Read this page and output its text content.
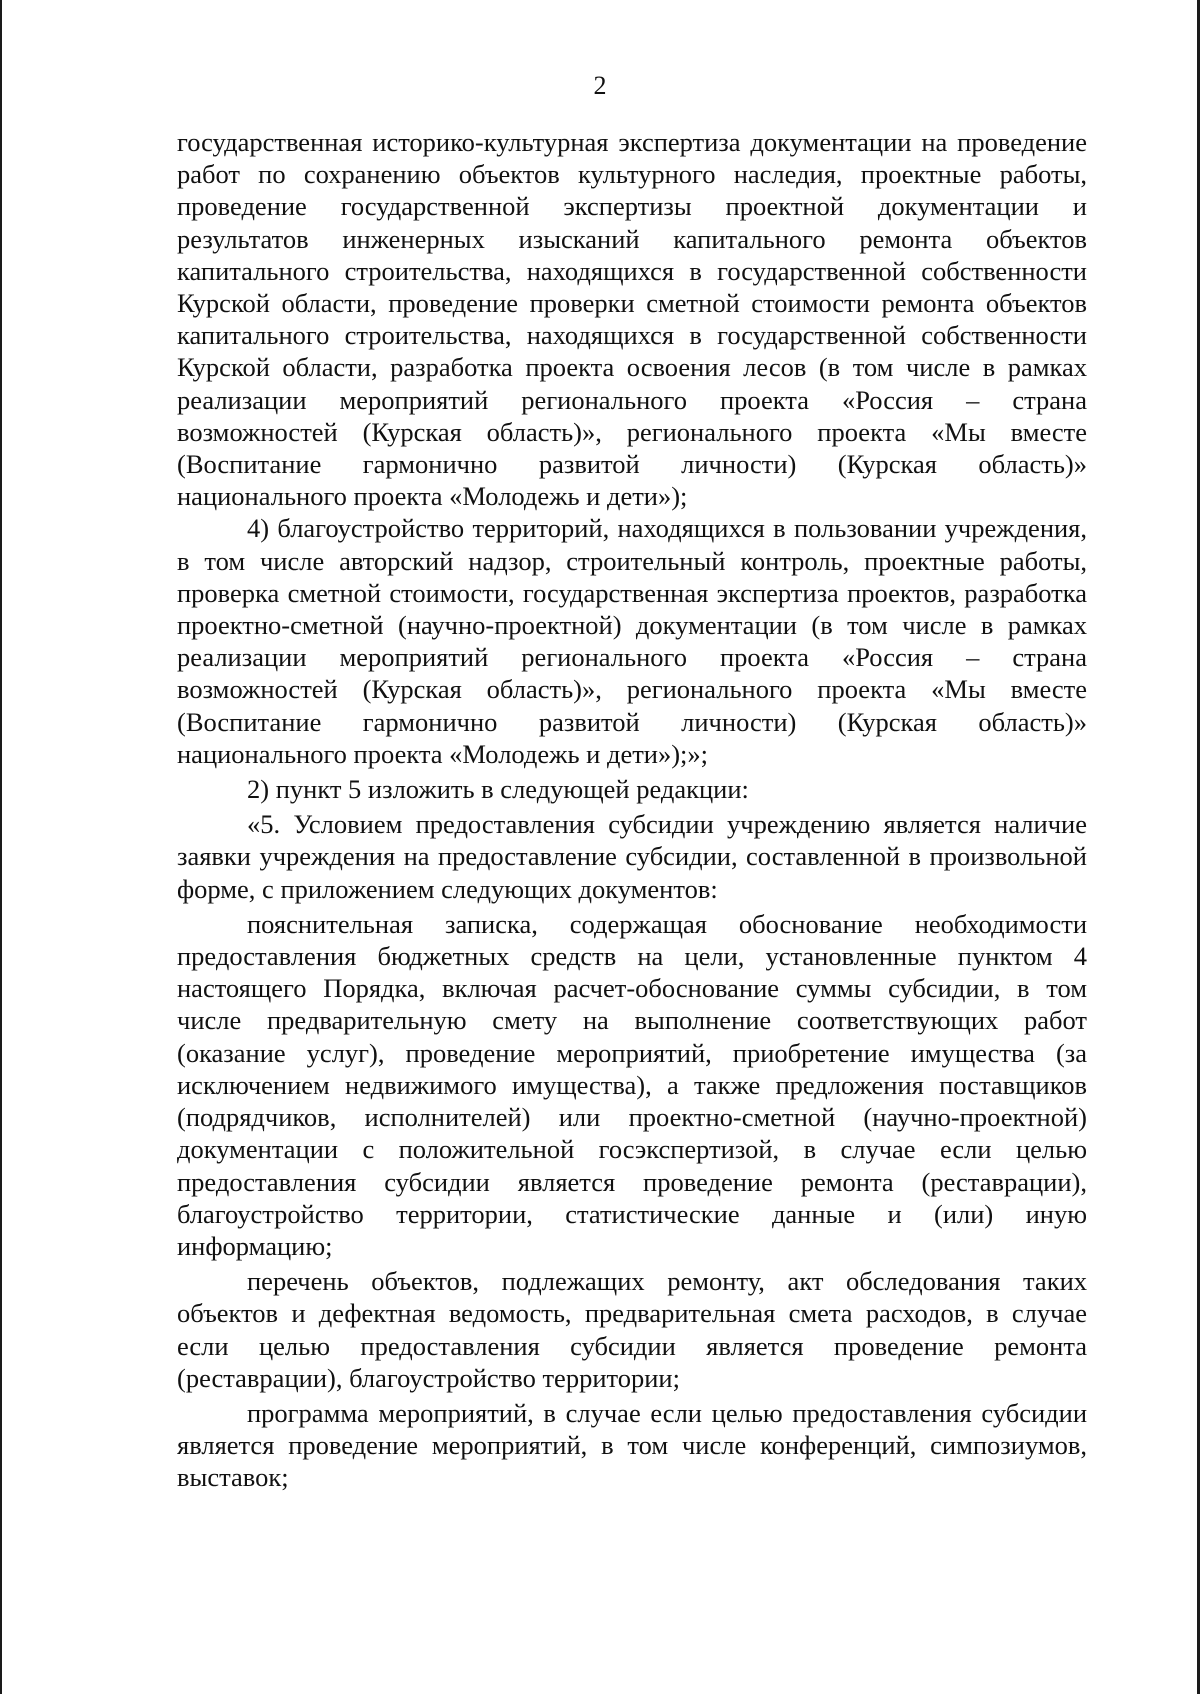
2

государственная историко-культурная экспертиза документации на проведение работ по сохранению объектов культурного наследия, проектные работы, проведение государственной экспертизы проектной документации и результатов инженерных изысканий капитального ремонта объектов капитального строительства, находящихся в государственной собственности Курской области, проведение проверки сметной стоимости ремонта объектов капитального строительства, находящихся в государственной собственности Курской области, разработка проекта освоения лесов (в том числе в рамках реализации мероприятий регионального проекта «Россия – страна возможностей (Курская область)», регионального проекта «Мы вместе (Воспитание гармонично развитой личности) (Курская область)» национального проекта «Молодежь и дети»);

4) благоустройство территорий, находящихся в пользовании учреждения, в том числе авторский надзор, строительный контроль, проектные работы, проверка сметной стоимости, государственная экспертиза проектов, разработка проектно-сметной (научно-проектной) документации (в том числе в рамках реализации мероприятий регионального проекта «Россия – страна возможностей (Курская область)», регионального проекта «Мы вместе (Воспитание гармонично развитой личности) (Курская область)» национального проекта «Молодежь и дети»);»;

2) пункт 5 изложить в следующей редакции:

«5. Условием предоставления субсидии учреждению является наличие заявки учреждения на предоставление субсидии, составленной в произвольной форме, с приложением следующих документов:

пояснительная записка, содержащая обоснование необходимости предоставления бюджетных средств на цели, установленные пунктом 4 настоящего Порядка, включая расчет-обоснование суммы субсидии, в том числе предварительную смету на выполнение соответствующих работ (оказание услуг), проведение мероприятий, приобретение имущества (за исключением недвижимого имущества), а также предложения поставщиков (подрядчиков, исполнителей) или проектно-сметной (научно-проектной) документации с положительной госэкспертизой, в случае если целью предоставления субсидии является проведение ремонта (реставрации), благоустройство территории, статистические данные и (или) иную информацию;

перечень объектов, подлежащих ремонту, акт обследования таких объектов и дефектная ведомость, предварительная смета расходов, в случае если целью предоставления субсидии является проведение ремонта (реставрации), благоустройство территории;

программа мероприятий, в случае если целью предоставления субсидии является проведение мероприятий, в том числе конференций, симпозиумов, выставок;
